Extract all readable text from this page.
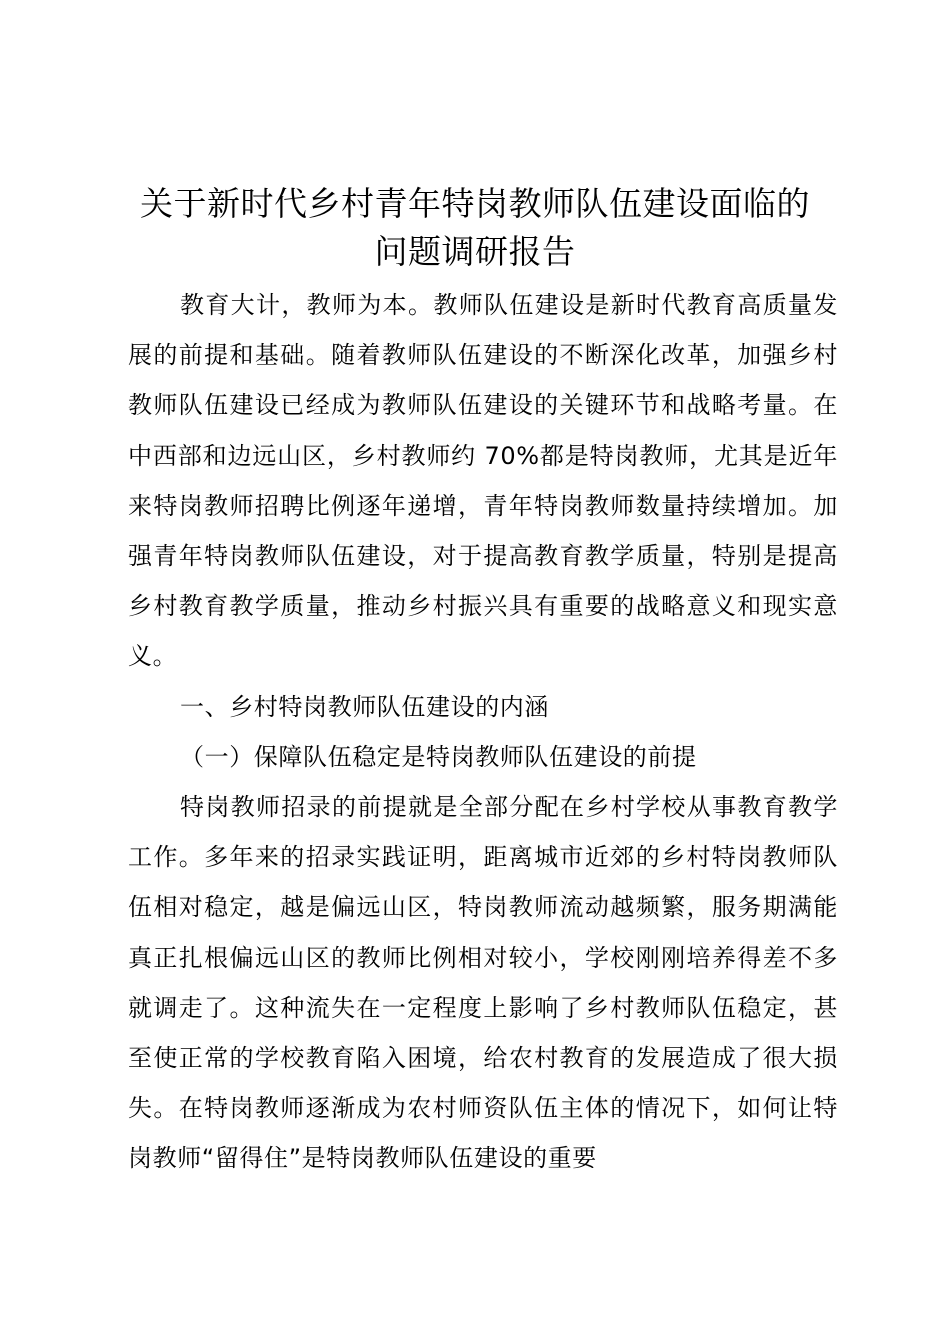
关于新时代乡村青年特岗教师队伍建设面临的
问题调研报告

教育大计，教师为本。教师队伍建设是新时代教育高质量发展的前提和基础。随着教师队伍建设的不断深化改革，加强乡村教师队伍建设已经成为教师队伍建设的关键环节和战略考量。在中西部和边远山区，乡村教师约 70%都是特岗教师，尤其是近年来特岗教师招聘比例逐年递增，青年特岗教师数量持续增加。加强青年特岗教师队伍建设，对于提高教育教学质量，特别是提高乡村教育教学质量，推动乡村振兴具有重要的战略意义和现实意义。

一、乡村特岗教师队伍建设的内涵

（一）保障队伍稳定是特岗教师队伍建设的前提

特岗教师招录的前提就是全部分配在乡村学校从事教育教学工作。多年来的招录实践证明，距离城市近郊的乡村特岗教师队伍相对稳定，越是偏远山区，特岗教师流动越频繁，服务期满能真正扎根偏远山区的教师比例相对较小，学校刚刚培养得差不多就调走了。这种流失在一定程度上影响了乡村教师队伍稳定，甚至使正常的学校教育陷入困境，给农村教育的发展造成了很大损失。在特岗教师逐渐成为农村师资队伍主体的情况下，如何让特岗教师“留得住”是特岗教师队伍建设的重要
